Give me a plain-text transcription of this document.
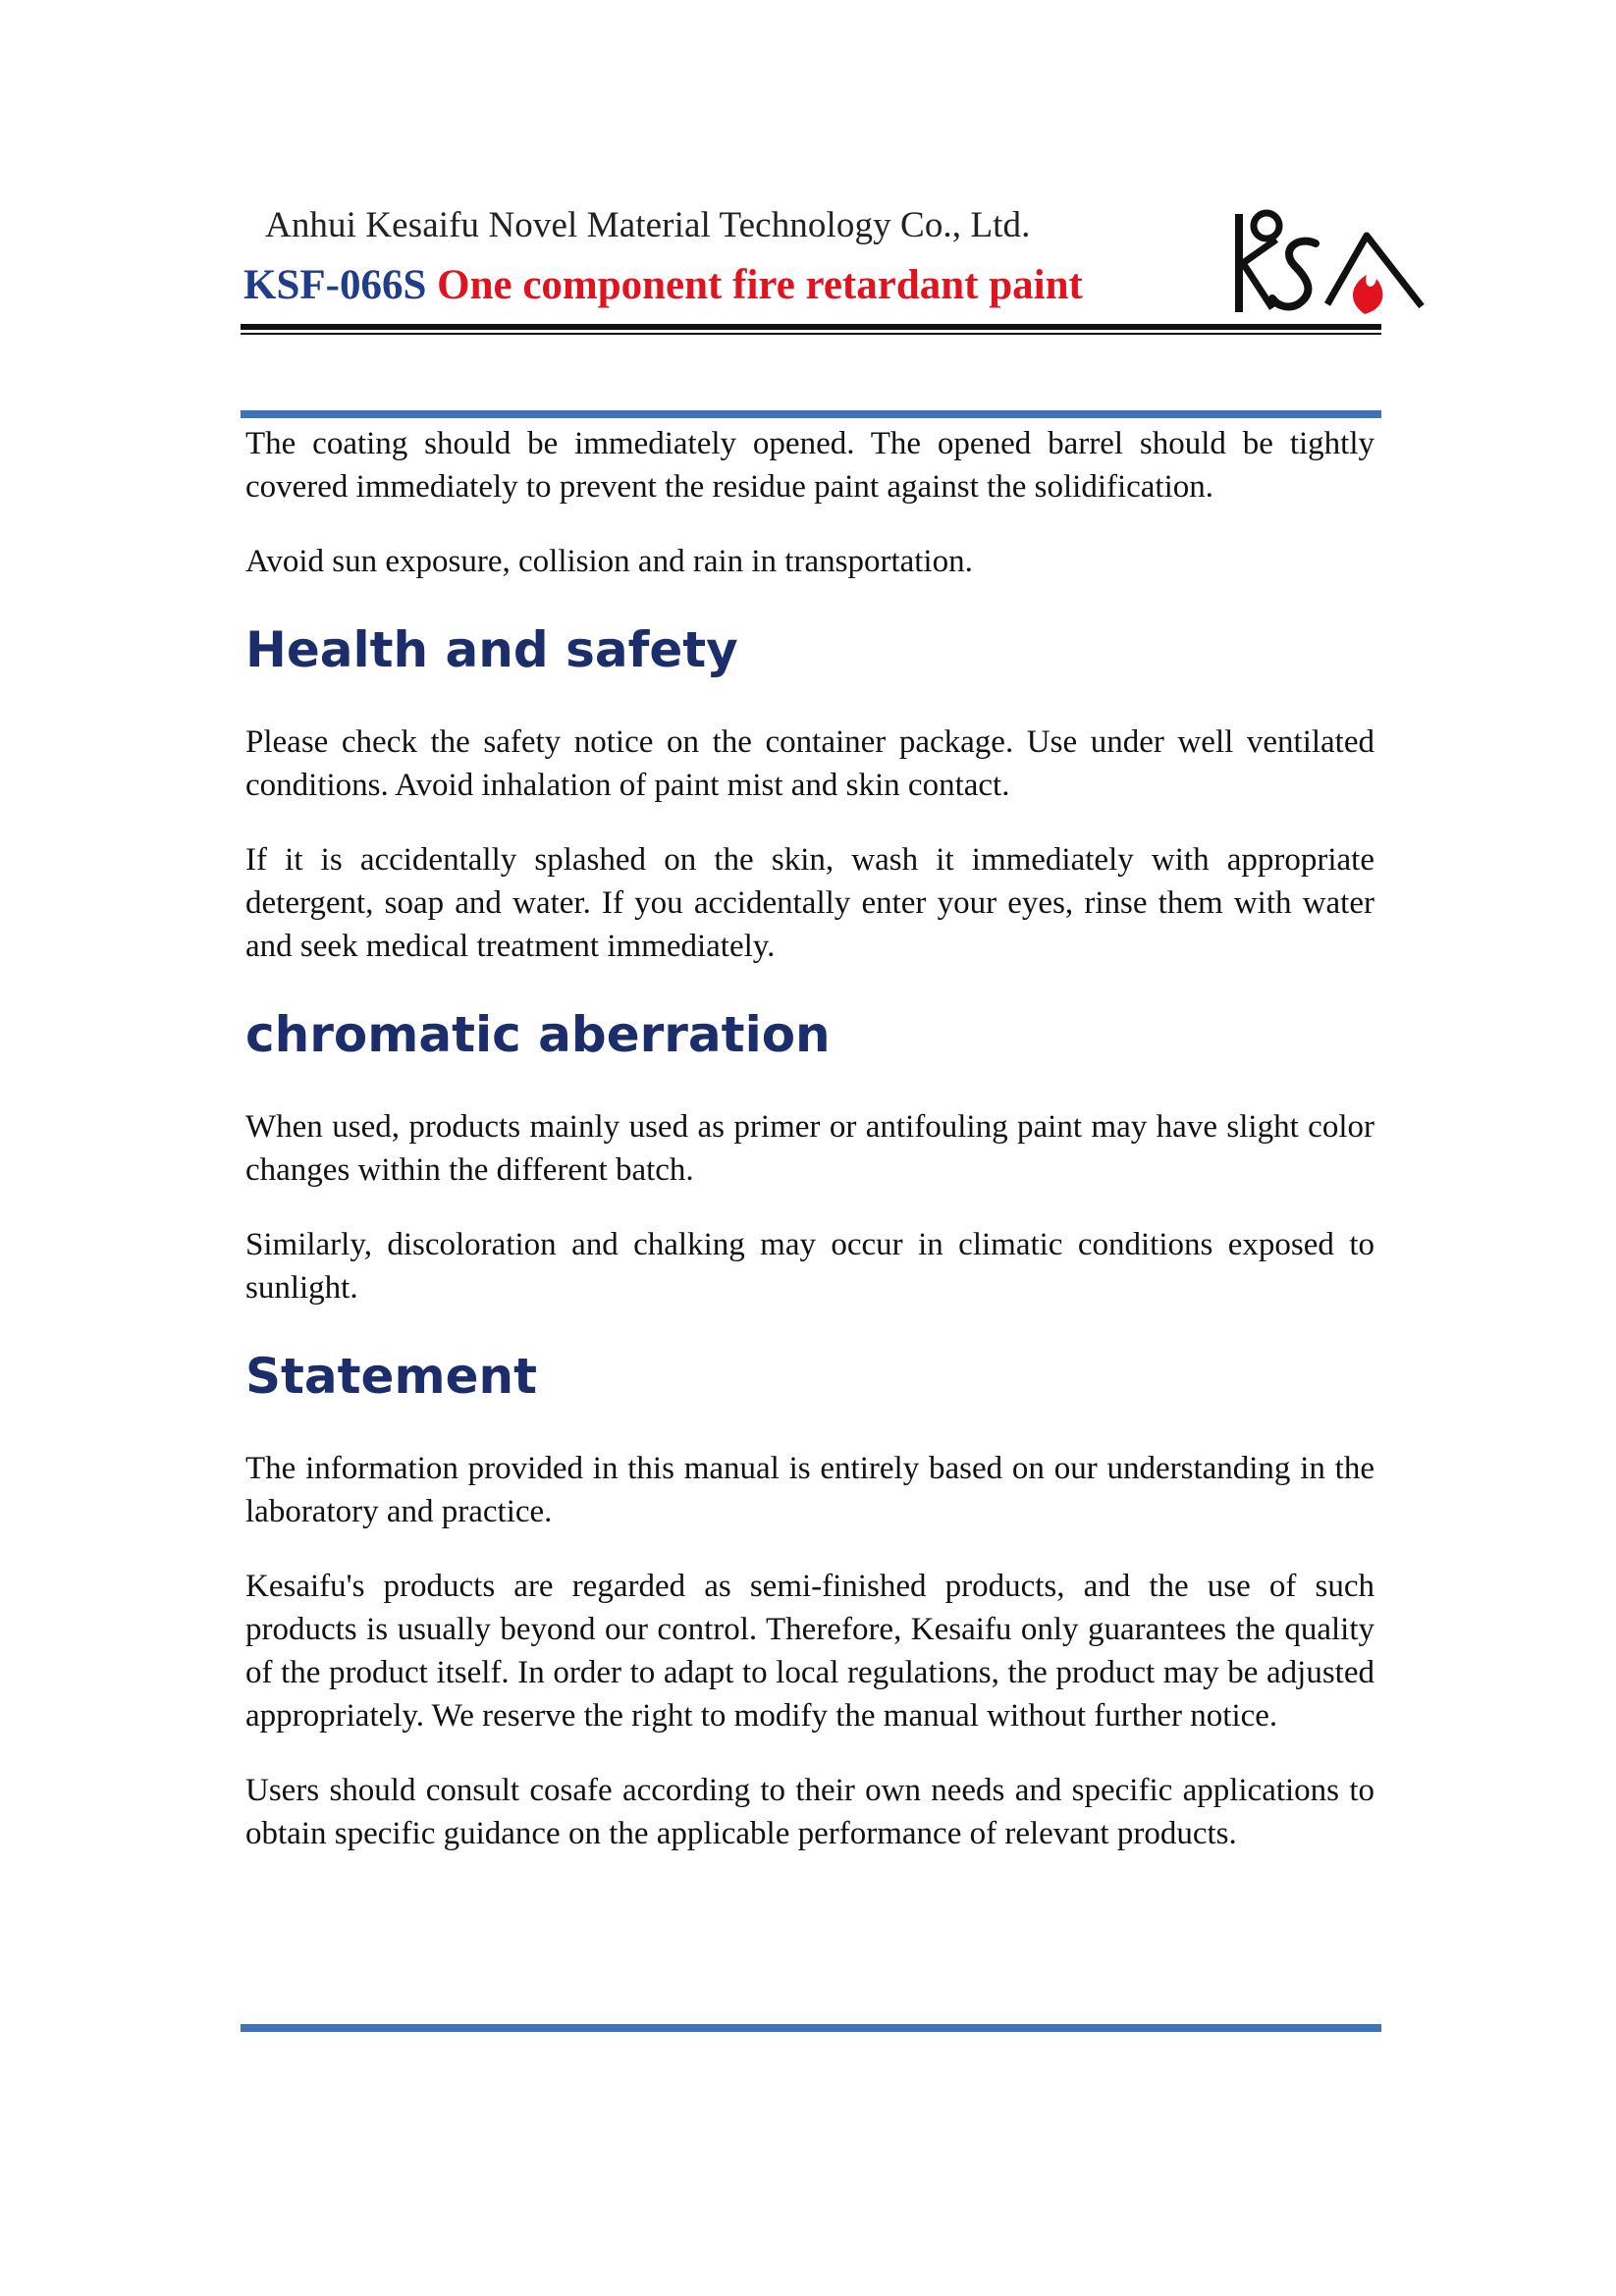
Anhui Kesaifu Novel Material Technology Co., Ltd.
KSF-066S One component fire retardant paint

The coating should be immediately opened. The opened barrel should be tightly covered immediately to prevent the residue paint against the solidification.

Avoid sun exposure, collision and rain in transportation.

Health and safety

Please check the safety notice on the container package. Use under well ventilated conditions. Avoid inhalation of paint mist and skin contact.

If it is accidentally splashed on the skin, wash it immediately with appropriate detergent, soap and water. If you accidentally enter your eyes, rinse them with water and seek medical treatment immediately.

chromatic aberration

When used, products mainly used as primer or antifouling paint may have slight color changes within the different batch.

Similarly, discoloration and chalking may occur in climatic conditions exposed to sunlight.

Statement

The information provided in this manual is entirely based on our understanding in the laboratory and practice.

Kesaifu's products are regarded as semi-finished products, and the use of such products is usually beyond our control. Therefore, Kesaifu only guarantees the quality of the product itself. In order to adapt to local regulations, the product may be adjusted appropriately. We reserve the right to modify the manual without further notice.

Users should consult cosafe according to their own needs and specific applications to obtain specific guidance on the applicable performance of relevant products.
